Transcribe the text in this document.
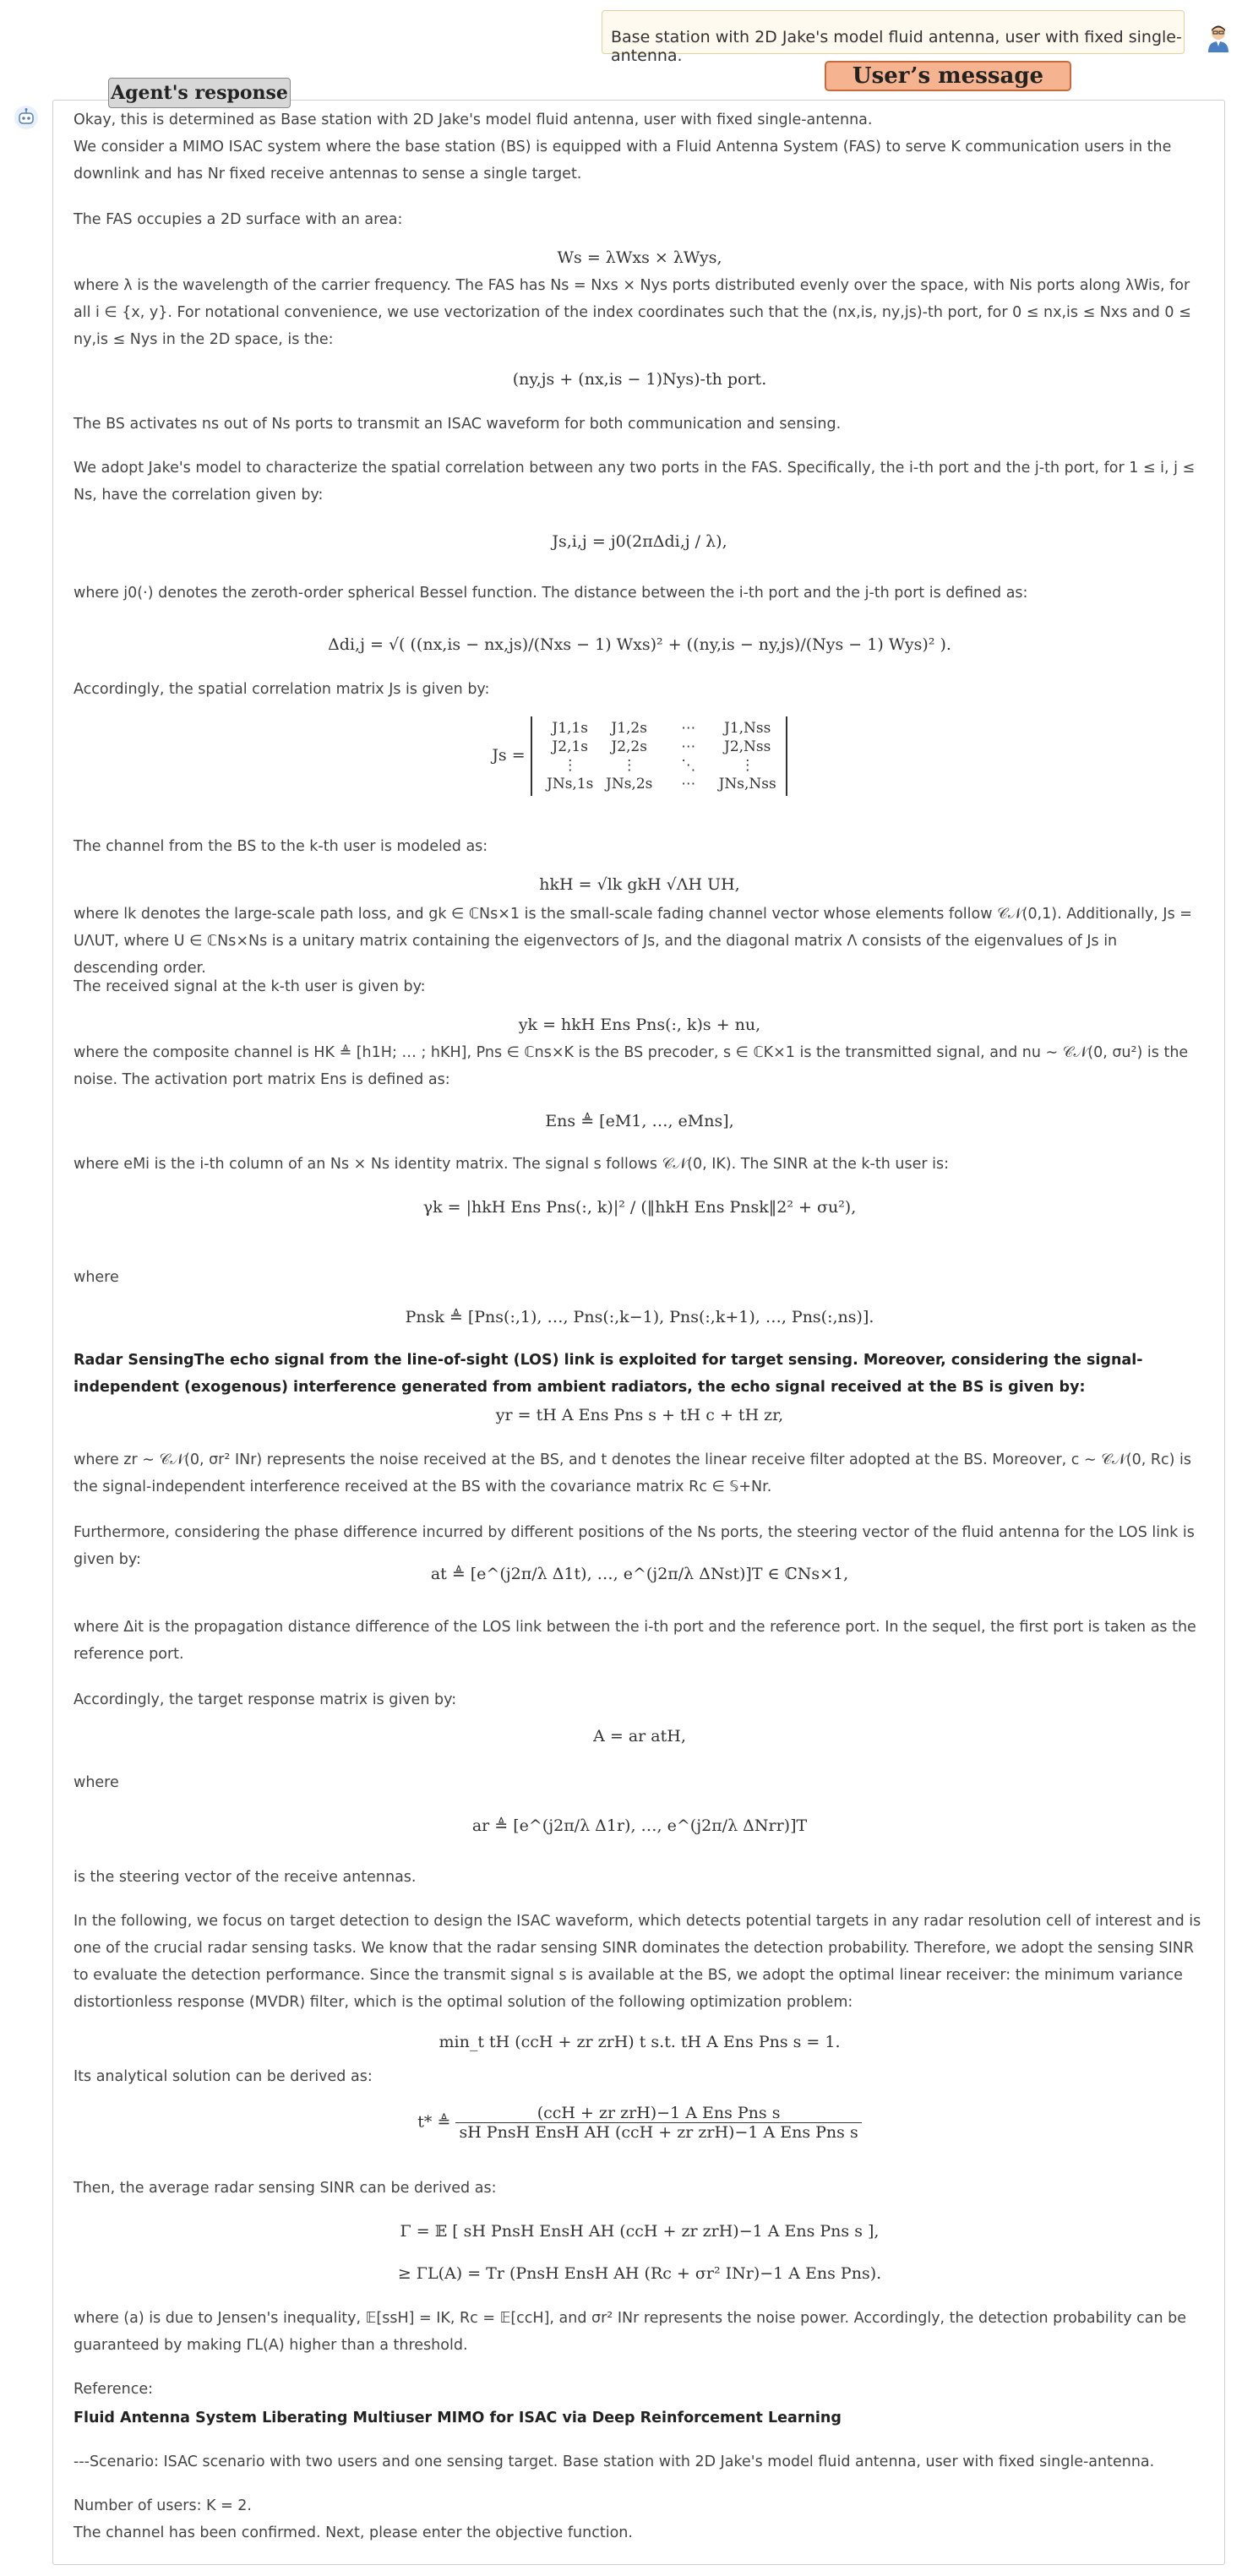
Base station with 2D Jake's model fluid antenna, user with fixed single-antenna.
User’s message
Agent's response
Okay, this is determined as Base station with 2D Jake's model fluid antenna, user with fixed single-antenna.
We consider a MIMO ISAC system where the base station (BS) is equipped with a Fluid Antenna System (FAS) to serve K communication users in the downlink and has Nr fixed receive antennas to sense a single target.
The FAS occupies a 2D surface with an area:
Ws = λWxs × λWys,
where λ is the wavelength of the carrier frequency. The FAS has Ns = Nxs × Nys ports distributed evenly over the space, with Nis ports along λWis, for all i ∈ {x, y}. For notational convenience, we use vectorization of the index coordinates such that the (nx,is, ny,js)-th port, for 0 ≤ nx,is ≤ Nxs and 0 ≤ ny,is ≤ Nys in the 2D space, is the:
(ny,js + (nx,is − 1)Nys)-th port.
The BS activates ns out of Ns ports to transmit an ISAC waveform for both communication and sensing.
We adopt Jake's model to characterize the spatial correlation between any two ports in the FAS. Specifically, the i-th port and the j-th port, for 1 ≤ i, j ≤ Ns, have the correlation given by:
Js,i,j = j0(2πΔdi,j / λ),
where j0(·) denotes the zeroth-order spherical Bessel function. The distance between the i-th port and the j-th port is defined as:
Δdi,j = √( ((nx,is − nx,js)/(Nxs − 1) Wxs)² + ((ny,is − ny,js)/(Nys − 1) Wys)² ).
Accordingly, the spatial correlation matrix Js is given by:
Js =
J1,1s	J1,2s	⋯	J1,Nss
J2,1s	J2,2s	⋯	J2,Nss
⋮	⋮	⋱	⋮
JNs,1s JNs,2s	⋯	JNs,Nss
The channel from the BS to the k-th user is modeled as:
hkH = √lk gkH √ΛH UH,
where lk denotes the large-scale path loss, and gk ∈ ℂNs×1 is the small-scale fading channel vector whose elements follow 𝒞𝒩(0,1). Additionally, Js = UΛUT, where U ∈ ℂNs×Ns is a unitary matrix containing the eigenvectors of Js, and the diagonal matrix Λ consists of the eigenvalues of Js in descending order.
The received signal at the k-th user is given by:
yk = hkH Ens Pns(:, k)s + nu,
where the composite channel is HK ≜ [h1H; … ; hKH], Pns ∈ ℂns×K is the BS precoder, s ∈ ℂK×1 is the transmitted signal, and nu ∼ 𝒞𝒩(0, σu²) is the noise. The activation port matrix Ens is defined as:
Ens ≜ [eM1, …, eMns],
where eMi is the i-th column of an Ns × Ns identity matrix. The signal s follows 𝒞𝒩(0, IK). The SINR at the k-th user is:
γk = |hkH Ens Pns(:, k)|² / (‖hkH Ens Pnsk‖2² + σu²),
where
Pnsk ≜ [Pns(:,1), …, Pns(:,k−1), Pns(:,k+1), …, Pns(:,ns)].
Radar SensingThe echo signal from the line-of-sight (LOS) link is exploited for target sensing. Moreover, considering the signal-independent (exogenous) interference generated from ambient radiators, the echo signal received at the BS is given by:
yr = tH A Ens Pns s + tH c + tH zr,
where zr ∼ 𝒞𝒩(0, σr² INr) represents the noise received at the BS, and t denotes the linear receive filter adopted at the BS. Moreover, c ∼ 𝒞𝒩(0, Rc) is the signal-independent interference received at the BS with the covariance matrix Rc ∈ 𝕊+Nr.
Furthermore, considering the phase difference incurred by different positions of the Ns ports, the steering vector of the fluid antenna for the LOS link is given by:
at ≜ [e^(j2π/λ Δ1t), …, e^(j2π/λ ΔNst)]T ∈ ℂNs×1,
where Δit is the propagation distance difference of the LOS link between the i-th port and the reference port. In the sequel, the first port is taken as the reference port.
Accordingly, the target response matrix is given by:
A = ar atH,
where
ar ≜ [e^(j2π/λ Δ1r), …, e^(j2π/λ ΔNrr)]T
is the steering vector of the receive antennas.
In the following, we focus on target detection to design the ISAC waveform, which detects potential targets in any radar resolution cell of interest and is one of the crucial radar sensing tasks. We know that the radar sensing SINR dominates the detection probability. Therefore, we adopt the sensing SINR to evaluate the detection performance. Since the transmit signal s is available at the BS, we adopt the optimal linear receiver: the minimum variance distortionless response (MVDR) filter, which is the optimal solution of the following optimization problem:
min_t tH (ccH + zr zrH) t s.t. tH A Ens Pns s = 1.
Its analytical solution can be derived as:
t* ≜ $\frac{\text{(ccH + zr zrH)−1 A Ens Pns s}}{\text{sH PnsH EnsH AH (ccH + zr zrH)−1 A Ens Pns s}}$
Then, the average radar sensing SINR can be derived as:
Γ = 𝔼 [ sH PnsH EnsH AH (ccH + zr zrH)−1 A Ens Pns s ],
≥ ΓL(A) = Tr (PnsH EnsH AH (Rc + σr² INr)−1 A Ens Pns).
where (a) is due to Jensen's inequality, 𝔼[ssH] = IK, Rc = 𝔼[ccH], and σr² INr represents the noise power. Accordingly, the detection probability can be guaranteed by making ΓL(A) higher than a threshold.
Reference:
Fluid Antenna System Liberating Multiuser MIMO for ISAC via Deep Reinforcement Learning
---Scenario: ISAC scenario with two users and one sensing target. Base station with 2D Jake's model fluid antenna, user with fixed single-antenna.
Number of users: K = 2.
The channel has been confirmed. Next, please enter the objective function.
